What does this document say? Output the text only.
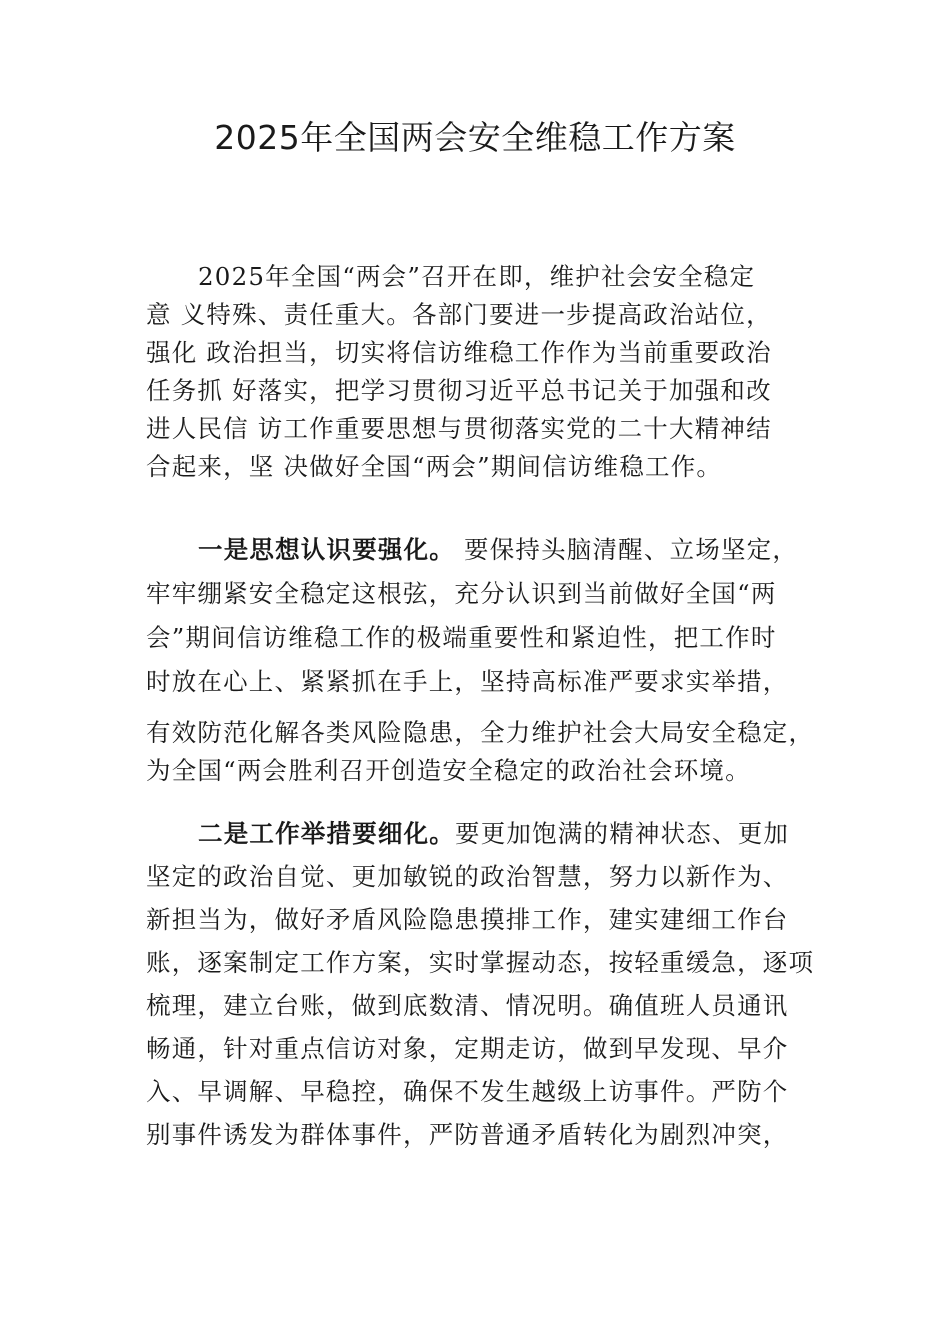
2025年全国两会安全维稳工作方案
2025年全国“两会”召开在即，维护社会安全稳定
意 义特殊、责任重大。各部门要进一步提高政治站位，
强化 政治担当，切实将信访维稳工作作为当前重要政治
任务抓 好落实，把学习贯彻习近平总书记关于加强和改
进人民信 访工作重要思想与贯彻落实党的二十大精神结
合起来，坚 决做好全国“两会”期间信访维稳工作。
一是思想认识要强化。 要保持头脑清醒、立场坚定，
牢牢绷紧安全稳定这根弦，充分认识到当前做好全国“两
会”期间信访维稳工作的极端重要性和紧迫性，把工作时
时放在心上、紧紧抓在手上，坚持高标准严要求实举措，
有效防范化解各类风险隐患，全力维护社会大局安全稳定，
为全国“两会胜利召开创造安全稳定的政治社会环境。
二是工作举措要细化。要更加饱满的精神状态、更加
坚定的政治自觉、更加敏锐的政治智慧，努力以新作为、
新担当为，做好矛盾风险隐患摸排工作，建实建细工作台
账，逐案制定工作方案，实时掌握动态，按轻重缓急，逐项
梳理，建立台账，做到底数清、情况明。确值班人员通讯
畅通，针对重点信访对象，定期走访，做到早发现、早介
入、早调解、早稳控，确保不发生越级上访事件。严防个
别事件诱发为群体事件，严防普通矛盾转化为剧烈冲突，
